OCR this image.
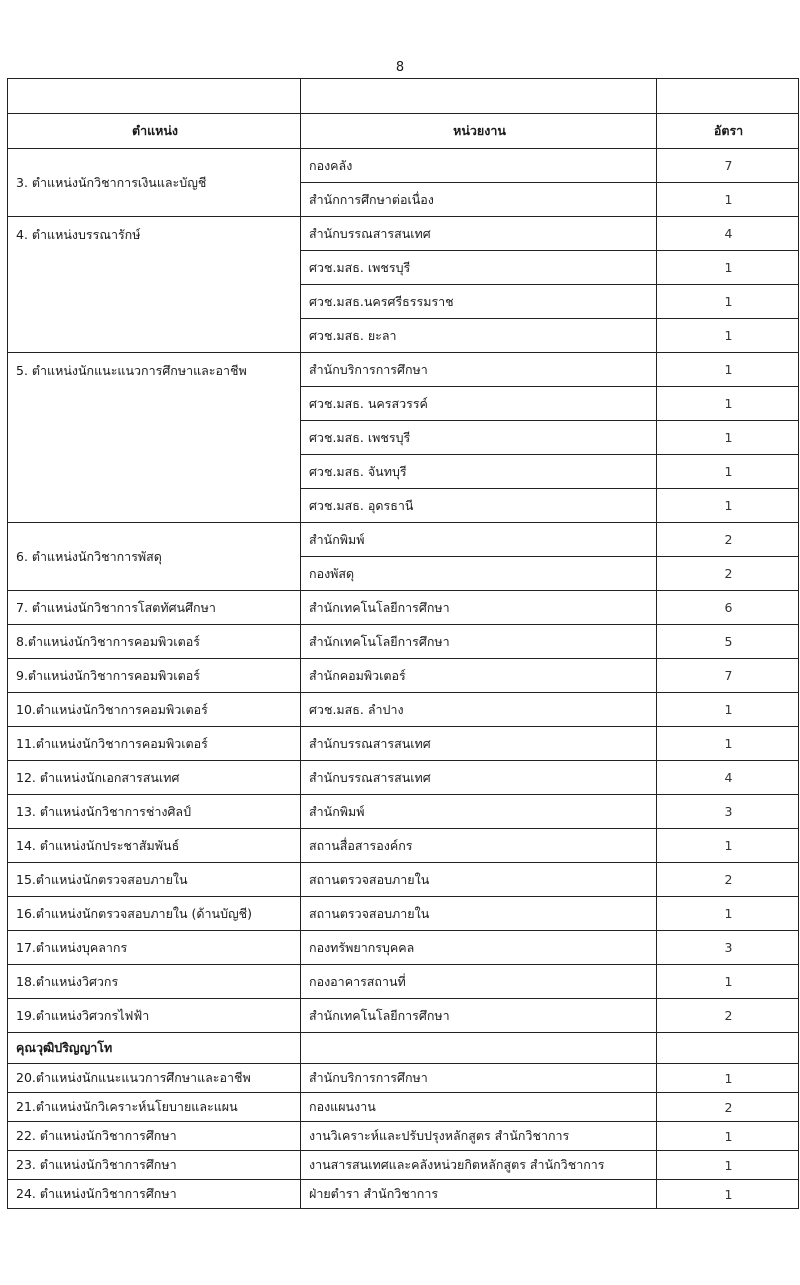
8

ตำแหน่ง	หน่วยงาน	อัตรา
3. ตำแหน่งนักวิชาการเงินและบัญชี	กองคลัง	7
	สำนักการศึกษาต่อเนื่อง	1
4. ตำแหน่งบรรณารักษ์	สำนักบรรณสารสนเทศ	4
	ศวช.มสธ. เพชรบุรี	1
	ศวช.มสธ.นครศรีธรรมราช	1
	ศวช.มสธ. ยะลา	1
5. ตำแหน่งนักแนะแนวการศึกษาและอาชีพ	สำนักบริการการศึกษา	1
	ศวช.มสธ. นครสวรรค์	1
	ศวช.มสธ. เพชรบุรี	1
	ศวช.มสธ. จันทบุรี	1
	ศวช.มสธ. อุดรธานี	1
6. ตำแหน่งนักวิชาการพัสดุ	สำนักพิมพ์	2
	กองพัสดุ	2
7. ตำแหน่งนักวิชาการโสตทัศนศึกษา	สำนักเทคโนโลยีการศึกษา	6
8.ตำแหน่งนักวิชาการคอมพิวเตอร์	สำนักเทคโนโลยีการศึกษา	5
9.ตำแหน่งนักวิชาการคอมพิวเตอร์	สำนักคอมพิวเตอร์	7
10.ตำแหน่งนักวิชาการคอมพิวเตอร์	ศวช.มสธ. ลำปาง	1
11.ตำแหน่งนักวิชาการคอมพิวเตอร์	สำนักบรรณสารสนเทศ	1
12. ตำแหน่งนักเอกสารสนเทศ	สำนักบรรณสารสนเทศ	4
13. ตำแหน่งนักวิชาการช่างศิลป์	สำนักพิมพ์	3
14. ตำแหน่งนักประชาสัมพันธ์	สถานสื่อสารองค์กร	1
15.ตำแหน่งนักตรวจสอบภายใน	สถานตรวจสอบภายใน	2
16.ตำแหน่งนักตรวจสอบภายใน (ด้านบัญชี)	สถานตรวจสอบภายใน	1
17.ตำแหน่งบุคลากร	กองทรัพยากรบุคคล	3
18.ตำแหน่งวิศวกร	กองอาคารสถานที่	1
19.ตำแหน่งวิศวกรไฟฟ้า	สำนักเทคโนโลยีการศึกษา	2
คุณวุฒิปริญญาโท		
20.ตำแหน่งนักแนะแนวการศึกษาและอาชีพ	สำนักบริการการศึกษา	1
21.ตำแหน่งนักวิเคราะห์นโยบายและแผน	กองแผนงาน	2
22. ตำแหน่งนักวิชาการศึกษา	งานวิเคราะห์และปรับปรุงหลักสูตร สำนักวิชาการ	1
23. ตำแหน่งนักวิชาการศึกษา	งานสารสนเทศและคลังหน่วยกิตหลักสูตร สำนักวิชาการ	1
24. ตำแหน่งนักวิชาการศึกษา	ฝ่ายตำรา สำนักวิชาการ	1
